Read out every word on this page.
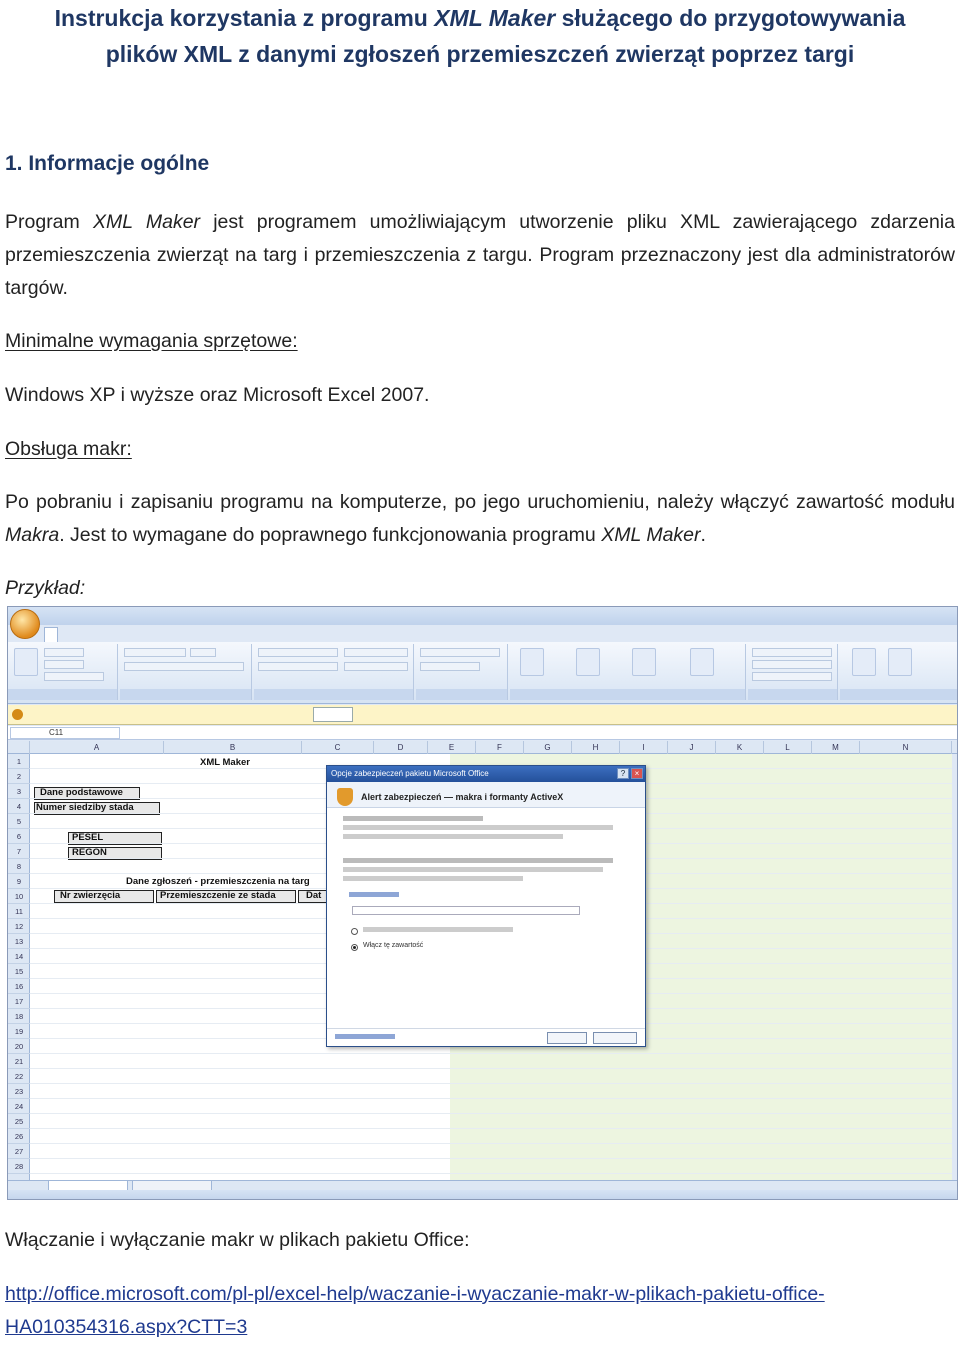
Instrukcja korzystania z programu XML Maker służącego do przygotowywania
plików XML z danymi zgłoszeń przemieszczeń zwierząt poprzez targi
1. Informacje ogólne
Program XML Maker jest programem umożliwiającym utworzenie pliku XML zawierającego zdarzenia przemieszczenia zwierząt na targ i przemieszczenia z targu. Program przeznaczony jest dla administratorów targów.
Minimalne wymagania sprzętowe:
Windows XP i wyższe oraz Microsoft Excel 2007.
Obsługa makr:
Po pobraniu i zapisaniu programu na komputerze, po jego uruchomieniu, należy włączyć zawartość modułu Makra. Jest to wymagane do poprawnego funkcjonowania programu XML Maker.
Przykład:
C11
A	B	C	D	E	F	G	H	I	J	K	L	M	N
1
2
3
4
5
6
7
8
9
10
11
12
13
14
15
16
17
18
19
20
21
22
23
24
25
26
27
28
XML Maker
Dane podstawowe
Numer siedziby stada
PESEL
REGON
Dane zgłoszeń - przemieszczenia na targ
Nr zwierzęcia	Przemieszczenie ze stada	Dat
Opcje zabezpieczeń pakietu Microsoft Office	?	×
Alert zabezpieczeń — makra i formanty ActiveX
Włącz tę zawartość
Włączanie i wyłączanie makr w plikach pakietu Office:
http://office.microsoft.com/pl-pl/excel-help/waczanie-i-wyaczanie-makr-w-plikach-pakietu-office-
HA010354316.aspx?CTT=3
